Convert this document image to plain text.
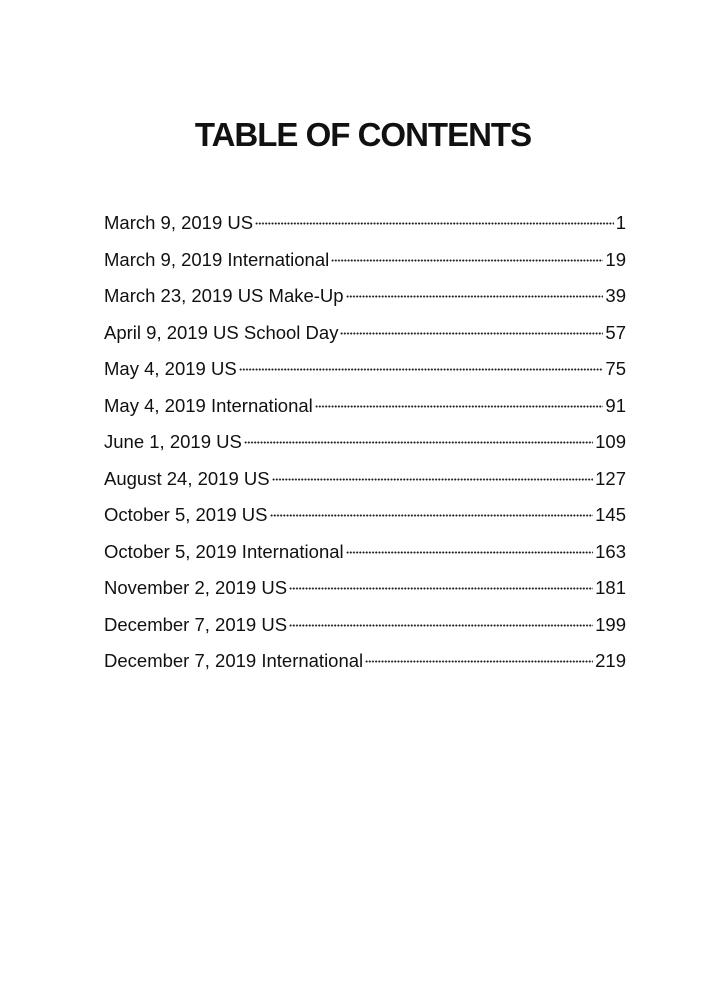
TABLE OF CONTENTS
March 9, 2019 US	1
March 9, 2019 International	19
March 23, 2019 US Make-Up	39
April 9, 2019 US School Day	57
May 4, 2019 US	75
May 4, 2019 International	91
June 1, 2019 US	109
August 24, 2019 US	127
October 5, 2019 US	145
October 5, 2019 International	163
November 2, 2019 US	181
December 7, 2019 US	199
December 7, 2019 International	219
